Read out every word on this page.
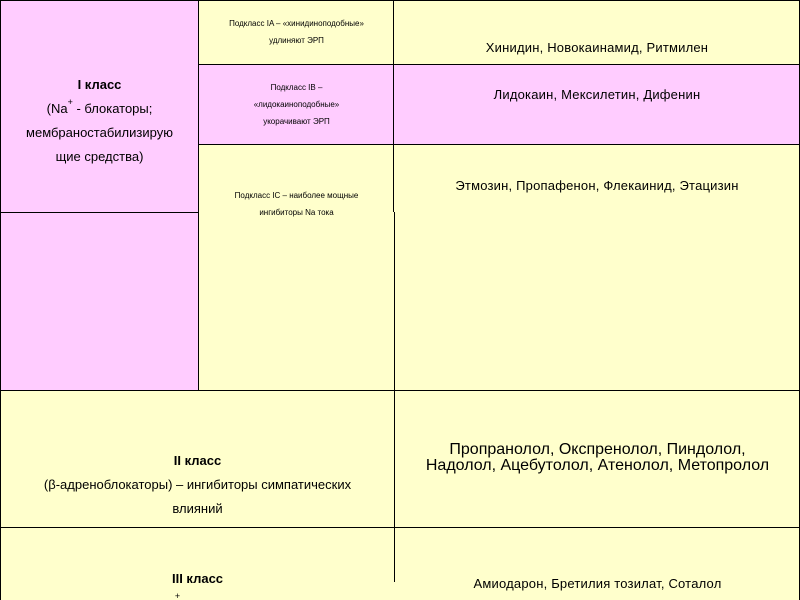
I класс
(Na+ - блокаторы;
мембраностабилизирую
щие средства)
Подкласс IA – «хинидиноподобные»
удлиняют ЭРП	Хинидин, Новокаинамид, Ритмилен
Подкласс IB –
«лидокаиноподобные»
укорачивают ЭРП
Лидокаин, Мексилетин, Дифенин
Подкласс IC – наиболее мощные
ингибиторы Na тока
Этмозин, Пропафенон, Флекаинид, Этацизин
II класс
(β-адреноблокаторы) – ингибиторы симпатических
влияний
Пропранолол, Окспренолол, Пиндолол,
Надолол, Ацебутолол, Атенолол, Метопролол
III класс
+
Амиодарон, Бретилия тозилат, Соталол
